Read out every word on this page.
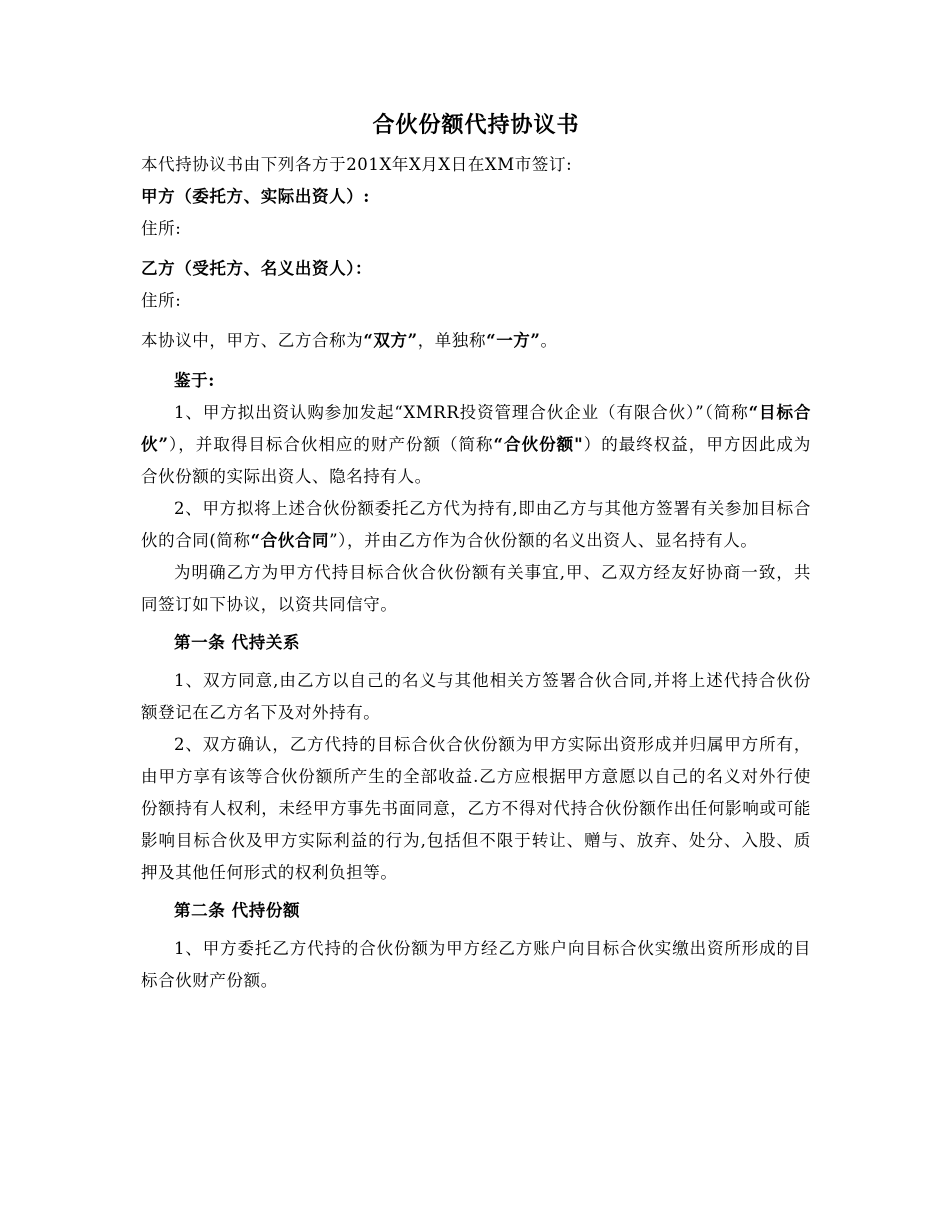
合伙份额代持协议书

本代持协议书由下列各方于201X年X月X日在XM市签订:

甲方（委托方、实际出资人）:

住所:

乙方（受托方、名义出资人）：

住所:

本协议中，甲方、乙方合称为“双方”，单独称“一方”。

鉴于:

1、甲方拟出资认购参加发起“XMRR投资管理合伙企业（有限合伙）”（简称“目标合伙”），并取得目标合伙相应的财产份额（简称“合伙份额"）的最终权益，甲方因此成为合伙份额的实际出资人、隐名持有人。

2、甲方拟将上述合伙份额委托乙方代为持有,即由乙方与其他方签署有关参加目标合伙的合同(简称“合伙合同”），并由乙方作为合伙份额的名义出资人、显名持有人。

为明确乙方为甲方代持目标合伙合伙份额有关事宜,甲、乙双方经友好协商一致，共同签订如下协议，以资共同信守。

第一条 代持关系

1、双方同意,由乙方以自己的名义与其他相关方签署合伙合同,并将上述代持合伙份额登记在乙方名下及对外持有。

2、双方确认，乙方代持的目标合伙合伙份额为甲方实际出资形成并归属甲方所有，由甲方享有该等合伙份额所产生的全部收益.乙方应根据甲方意愿以自己的名义对外行使份额持有人权利，未经甲方事先书面同意，乙方不得对代持合伙份额作出任何影响或可能影响目标合伙及甲方实际利益的行为,包括但不限于转让、赠与、放弃、处分、入股、质押及其他任何形式的权利负担等。

第二条 代持份额

1、甲方委托乙方代持的合伙份额为甲方经乙方账户向目标合伙实缴出资所形成的目标合伙财产份额。
